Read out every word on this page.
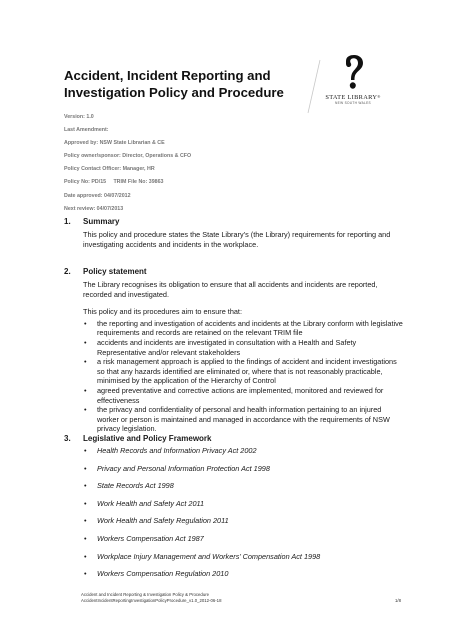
Accident, Incident Reporting and
Investigation Policy and Procedure	STATE LIBRARY®
NEW SOUTH WALES
Version: 1.0
Last Amendment:
Approved by: NSW State Librarian & CE
Policy owner/sponsor: Director, Operations & CFO
Policy Contact Officer: Manager, HR
Policy No: PD/15     TRIM File No: 39863
Date approved: 04/07/2012
Next review: 04/07/2013
1. Summary

This policy and procedure states the State Library’s (the Library) requirements for reporting and investigating accidents and incidents in the workplace.

2. Policy statement

The Library recognises its obligation to ensure that all accidents and incidents are reported, recorded and investigated.

This policy and its procedures aim to ensure that:

• the reporting and investigation of accidents and incidents at the Library conform with legislative requirements and records are retained on the relevant TRIM file
• accidents and incidents are investigated in consultation with a Health and Safety Representative and/or relevant stakeholders
• a risk management approach is applied to the findings of accident and incident investigations so that any hazards identified are eliminated or, where that is not reasonably practicable, minimised by the application of the Hierarchy of Control
• agreed preventative and corrective actions are implemented, monitored and reviewed for effectiveness
• the privacy and confidentiality of personal and health information pertaining to an injured worker or person is maintained and managed in accordance with the requirements of NSW privacy legislation.
3. Legislative and Policy Framework
• Health Records and Information Privacy Act 2002
• Privacy and Personal Information Protection Act 1998
• State Records Act 1998
• Work Health and Safety Act 2011
• Work Health and Safety Regulation 2011
• Workers Compensation Act 1987
• Workplace Injury Management and Workers’ Compensation Act 1998
• Workers Compensation Regulation 2010
Accident and Incident Reporting & Investigation Policy & Procedure
AccidentIncidentReportingInvestigationPolicyProcedure_v1.0_2012-06-18	1/8
